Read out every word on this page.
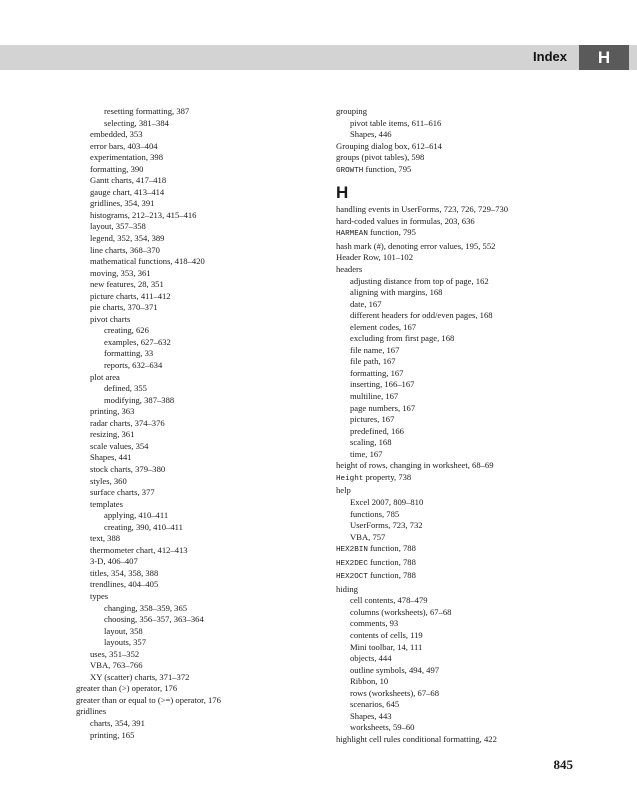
Index	H
resetting formatting, 387
selecting, 381–384
embedded, 353
error bars, 403–404
experimentation, 398
formatting, 390
Gantt charts, 417–418
gauge chart, 413–414
gridlines, 354, 391
histograms, 212–213, 415–416
layout, 357–358
legend, 352, 354, 389
line charts, 368–370
mathematical functions, 418–420
moving, 353, 361
new features, 28, 351
picture charts, 411–412
pie charts, 370–371
pivot charts
creating, 626
examples, 627–632
formatting, 33
reports, 632–634
plot area
defined, 355
modifying, 387–388
printing, 363
radar charts, 374–376
resizing, 361
scale values, 354
Shapes, 441
stock charts, 379–380
styles, 360
surface charts, 377
templates
applying, 410–411
creating, 390, 410–411
text, 388
thermometer chart, 412–413
3-D, 406–407
titles, 354, 358, 388
trendlines, 404–405
types
changing, 358–359, 365
choosing, 356–357, 363–364
layout, 358
layouts, 357
uses, 351–352
VBA, 763–766
XY (scatter) charts, 371–372
greater than (>) operator, 176
greater than or equal to (>=) operator, 176
gridlines
charts, 354, 391
printing, 165
grouping
pivot table items, 611–616
Shapes, 446
Grouping dialog box, 612–614
groups (pivot tables), 598
GROWTH function, 795
H
handling events in UserForms, 723, 726, 729–730
hard-coded values in formulas, 203, 636
HARMEAN function, 795
hash mark (#), denoting error values, 195, 552
Header Row, 101–102
headers
adjusting distance from top of page, 162
aligning with margins, 168
date, 167
different headers for odd/even pages, 168
element codes, 167
excluding from first page, 168
file name, 167
file path, 167
formatting, 167
inserting, 166–167
multiline, 167
page numbers, 167
pictures, 167
predefined, 166
scaling, 168
time, 167
height of rows, changing in worksheet, 68–69
Height property, 738
help
Excel 2007, 809–810
functions, 785
UserForms, 723, 732
VBA, 757
HEX2BIN function, 788
HEX2DEC function, 788
HEX2OCT function, 788
hiding
cell contents, 478–479
columns (worksheets), 67–68
comments, 93
contents of cells, 119
Mini toolbar, 14, 111
objects, 444
outline symbols, 494, 497
Ribbon, 10
rows (worksheets), 67–68
scenarios, 645
Shapes, 443
worksheets, 59–60
highlight cell rules conditional formatting, 422
845
